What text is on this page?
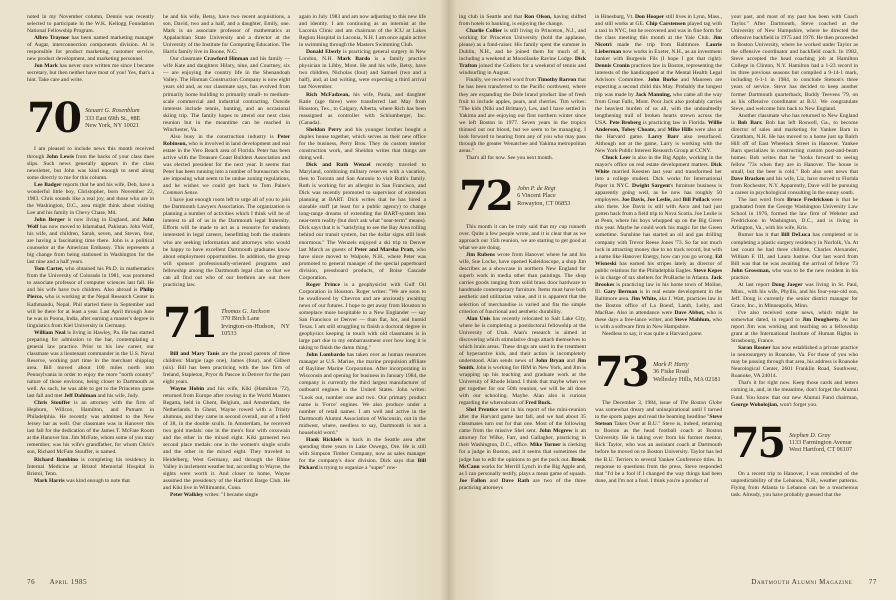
noted in my November column, Dennis was recently selected to participate in the W.K. Kellogg Foundation National Fellowship Program.

Albro Traynor has been named marketing manager of Augat, interconnection components division. Al is responsible for product marketing, customer service, new product development, and marketing personnel.

Jon Mark has never once written me since I became secretary, but then neither have most of you! Yes, that's a hint. Take care and write.

70 Steuart G. Rosenblum
333 East 69th St., #8E
New York, NY 10021

I am pleased to include news this month received through John Lewis from the backs of your class dues slips. Such news generally appears in the class newsletter, but John was kind enough to send along some directly to me for this column.

Lee Badger reports that he and his wife, Deb, have a wonderful little boy, Christopher, born November 22, 1983. Chris sounds like a real joy, and those who are in the Washington, D.C., area might think about visiting Lee and his family in Chevy Chase, Md.

John Berger is now living in England, and John Wolf has now moved to Islamabad, Pakistan. John Wolf, his wife, and children, Sarah, seven, and Steven, four, are having a fascinating time there. John is a political counselor at the American Embassy. This represents a big change from being stationed in Washington for the last nine and a half years.

Tom Carter, who obtained his Ph.D. in mathematics from the University of Colorado in 1981, was promoted to associate professor of computer sciences last fall. He and his wife have two children. Also abroad is Philip Pierce, who is working at the Nepal Research Center in Kathmandu, Nepal. Phil started there in September and will be there for at least a year. Last April through June he was in Poona, India, after earning a master's degree in linguistics from Kiel University in Germany.

William Neal is living in Hawley, Pa. He has started preparing for admission to the bar, contemplating a general law practice. Prior to his law career, our classmate was a lieutenant commander in the U.S. Naval Reserve, working part time in the merchant shipping area. Bill moved about 100 miles north into Pennsylvania in order to enjoy the more "north country" nature of those environs, being closer to Dartmouth as well. As such, he was able to get to the Princeton game last fall and met Jeff Dahlman and his wife, Judy.

Chris Stouffer is an attorney with the firm of Hepburn, Willcox, Hamilton, and Putnam in Philadelphia. He recently was admitted to the New Jersey bar as well. Our classmate was in Hanover this last fall for the dedication of the James T. McFate Room at the Hanover Inn. Jim McFate, whom some of you may remember, was his wife's grandfather, for whom Chris's son, Richard McFate Stouffer, is named.

Richard Bambino is completing his residency in Internal Medicine at Bristol Memorial Hospital in Bristol, Tenn.

Mark Harris was kind enough to note that

he and his wife, Betsy, have two recent acquisitions, a son, David, two and a half, and a daughter, Emily, one. Mark is an associate professor of mathematics at Appalachian State University and a director at the University of the Institute for Computing Education. The Harris family live in Boone, N.C.

Our classmate Crawford Hinman and his family — wife Kate and daughters Hilary, nine, and Courtney, six — are enjoying the country life in the Shenandoah Valley. The Hinman Construction Company is now eight years old and, as our classmate says, has evolved from primarily home building to primarily small- to medium-scale commercial and industrial contracting. Outside interests include tennis, hunting, and an occasional skiing trip. The family hopes to attend our next class reunion but in the meantime can be reached in Winchester, Va.

Also busy in the construction industry is Peter Robinson, who is involved in land development and real estate in the Vero Beach area of Florida. Peter has been active with the Treasure Coast Builders Association and was elected president for the next year. It seems that Peter has been running into a number of bureaucrats who are imposing what seem to be undue zoning regulations, and he wishes we could get back to Tom Paine's Common Sense.

I have just enough room left to urge all of you to join the Dartmouth Lawyers Association. The organization is planning a number of activities which I think will be of interest to all of us in the Dartmouth legal fraternity. Efforts will be made to act as a resource for students interested in legal careers, benefitting both the students who are seeking information and attorneys who would be happy to have excellent Dartmouth graduates know about employment opportunities. In addition, the group will sponsor professionally-oriented programs and fellowship among the Dartmouth legal clan so that we can all find out who of our brethren are out there practicing law.

71 Thomas G. Jackson
370 Birch Lane
Irvington-on-Hudson, NY 10533

Bill and Mary Tanis are the proud parents of three children: Margie (age one), James (four), and Gilbert (six). Bill has been practicing with the law firm of Ireland, Stapleton, Pryor & Pascoe in Denver for the past eight years.

Wayne Hobin and his wife, Kiki (Hamilton '72), returned from Europe after rowing in the World Masters Regatta, held in Ghent, Belgium, and Amsterdam, the Netherlands. In Ghent, Wayne rowed with a Trinity alumnus, and they came in second overall, out of a field of 38, in the double sculls. In Amsterdam, he received two gold medals: one in the men's four with coxswain and the other in the mixed eight. Kiki garnered two second place medals: one in the women's single sculls and the other in the mixed eight. They traveled to Heidelberg, West Germany, and through the Rhine Valley in inclement weather but, according to Wayne, the sights were worth it. And closer to home, Wayne assumed the presidency of the Hartford Barge Club. He and Kiki live in Willimantic, Conn.

Peter Walkley writes: "I became single

again in July 1983 and am now adjusting to this new life and identity. I am continuing as an internist at the Laconia Clinic and am chairman of the ICU at Lakes Region Hospital in Laconia, N.H. I am once again active in swimming through the Masters Swimming Club.

Donald Eberly is practicing general surgery in New London, N.H. Mark Bardo is a family practice physician in Libby, Mont. He and his wife, Betsy, have two children, Nicholas (four) and Samuel (two and a half), and, at last writing, were expecting a third arrival last November.

Rich McFadzean, his wife, Paula, and daughter Katie (age three) were transferred last May from Houston, Tex., to Calgary, Alberta, where Rich has been reassigned as controller with Schlumberger, Inc. (Canada).

Sheldon Perry and his younger brother bought a duplex house together, which serves as their new office for the business, Perry Bros. They do custom interior construction work, and Sheldon writes that things are doing well.

Dick and Ruth Wenzel recently traveled to Maryland, combining military reserves with a vacation, then to Toronto and San Antonio to visit Ruth's family. Ruth is working for an allergist in San Francisco, and Dick was recently promoted to supervisor of extension planning at BART. Dick writes that he has hired a sizeable staff (at least for a public agency) to change long-range dreams of extending the BART-system into near-term reality (but don't ask what "near-term" means). Dick says that it is "satisfying to see the Bay Area rolling behind our transit system, but the dollar signs still look enormous." The Wenzels enjoyed a ski trip to Denver last March as guests of Peter and Marsha Pratt, who have since moved to Walpole, N.H., where Peter was promoted to general manager of the special paperboard division, pressboard products, of Boise Cascade Corporation.

Roger Prince is a geophysicist with Gulf Oil Corporation in Houston. Roger writes: "We are soon to be swallowed by Chevron and are anxiously awaiting news of our futures. I hope to get away from Houston to someplace more hospitable to a New Englander — say San Francisco or Denver — than flat, hot, and humid Texas. I am still struggling to finish a doctoral degree in geophysics keeping in touch with old classmates is in large part due to my embarrassment over how long it is taking to finish the damn thing."

John Lombardo has taken over as human resources manager at U.S. Marine, the marine propulsion affiliate of Bayliner Marine Corporation. After incorporating in Wisconsin and opening for business in January 1984, the company is currently the third largest manufacturer of outboard engines in the United States. John writes: "Look out, number one and two. Our primary product name is 'Force' engines. We also produce under a number of retail names. I am well and active in the Dartmouth Alumni Association of Wisconsin, out in the midwest, where, needless to say, Dartmouth is not a household word."

Hank Ricklefs is back in the Seattle area after spending three years in Lake Oswego, Ore. He is still with Simpson Timber Company, now as sales manager for the company's door division. Dick says that Bill Pickard is trying to organize a "super" row-

76 April 1985

ing club in Seattle and that Ron Olson, having shifted from hotels to banking, is enjoying the change.

Charlie Collier is still living in Princeton, N.J., and working for Princeton University (hold the applause, please) as a fund-raiser. His family spent the summer in Dublin, N.H., and he joined them for much of it, including a weekend at Moosilauke Ravine Lodge. Dick Trafton joined the Colliers for a weekend of tennis and windsurfing in August.

Finally, we received word from Timothy Barron that he has been transferred to the Pacific northwest, where they are expanding the Dole brand product line of fresh fruit to include apples, pears, and cherries. Tim writes: "The kids (Niki and Brittany), Les, and I have settled in Yakima and are enjoying our first northern winter since we left Boston in 1977. Seven years in the tropics thinned out our blood, but we seem to be managing. I look forward to hearing from any of you who may pass through the greater Wenatchee and Yakima metropolitan areas."

That's all for now. See you next month.

72 John P. de Regt
6 Vincent Place
Rowayton, CT 06853

This month it can be truly said that my cup runneth over. Quite a few people wrote, and it is clear that as we approach our 15th reunion, we are starting to get good at what we are doing.

Jim Rubens wrote from Hanover where he and his wife, Sue Locke, have opened Kaleidoscope, a shop Jim describes as a showcase in northern New England for superb work in media other than paintings. The shop carries goods ranging from solid brass door hardware to handmade contemporary furniture. Items must have both aesthetic and utilitarian value, and it is apparent that the selection of merchandise is varied and fits the simple criterion of functional and aesthetic durability.

Alan Unis has recently relocated to Salt Lake City, where he is completing a postdoctoral fellowship at the University of Utah. Alan's research is aimed at discovering which stimulative drugs attach themselves to which brain areas. These drugs are used in the treatment of hyperactive kids, and their action is incompletely understood. Alan sends news of John Bryan and Jim Smith. John is working for IBM in New York, and Jim is wrapping up his teaching and graduate work at the University of Rhode Island. I think that maybe when we get together for our 50th reunion, we will be all done with our schooling. Maybe. Alan also is curious regarding the whereabouts of Fred Buck.

Shel Prentice sent in his report of the mini-reunion after the Harvard game last fall, and we had about 35 classmates turn out for that one. Most of the following came from the missive Shel sent. John Mcgrew is an attorney for Wilke, Farr, and Gallagher, practicing in their Washington, D.C., office. Mike Turner is clerking for a judge in Boston, and it seems that sometimes the judge has to edit the opinions to get the puck out. Brook McCann works for Merrill Lynch in the Big Apple and, as I can personally testify, plays a mean game of squash. Joe Fallon and Dave Rath are two of the three practicing attorneys

in Hinesburg, Vt. Don Hooper still lives in Lynn, Mass., and still works at GE. Chip Carstensen played tag with a taxi in NYC, but he recovered and was in fine form for the class meeting this month at the Yale Club. Jim Nicotri made the trip from Baltimore. Laurie Lieberman now works in Exeter, N.H., as an investment banker with Burgeois Fils (I hope I got that right). Dennis Cronin practices law in Boston, representing the interests of the handicapped at the Mental Health Legal Advisors Committee. John Burke and Maureen are expecting a second child this May. Probably the longest trip was made by Jack Manning, who came all the way from Great Falls, Mont. Poor Jack also probably carries the heaviest burden of us all, with the undoubtedly lengthening trail of broken hearts strewn across the USA. Pete Broberg is practicing law in Florida. Willie Anderson, Tobey Choate, and Mike Hills were also at the Harvard game. Larry Barr also resurfaced. Although not at the game, Larry is working with the New York Public Interest Research Group at CCNY.

Chuck Leer is also in the Big Apple, working in the mayor's office on real estate development matters. Dick White married Keesten last year and transformed her into a college student. Dick works for International Paper in NYC. Dwight Sargent's furniture business is apparently going well, as he now has roughly 50 employees. Joe Davis, Joe Leslie, and Bill Pollack were also there. Joe Davis is still with Arco and had just gotten back from a field trip to Nova Scotia. Joe Leslie is at Penn, where his boys whupped up on the Big Green this year. Maybe he could work his magic for the Green sometime. Sunshine has started an oil and gas drilling company with Trevor Reese Jones '73. So far not much luck in attracting money due to no track record, but with a name like Hanover Energy, how can you go wrong. Ed Wisneski has earned his stripes lately as director of public relations for the Philadelphia Eagles. Steve Kepes is in charge of tax shelters for PruBache in Atlanta. Jack Brookes is practicing law in his home town of Moline, Ill. Gary Berman is in real estate development in the Baltimore area. Jim White, aka J. Watt, practices law in the Boston office of La Boeuf, Lamb, Leiby, and MacRae. Also in attendance were Dave Abbot, who is these days a free-lance writer, and Steve Mahlum, who is with a software firm in New Hampshire.

Needless to say, it was quite a Harvard game.

73 Mark P. Harty
36 Fiske Road
Wellesley Hills, MA 02181

The December 3, 1984, issue of The Boston Globe was somewhat dreary and uninspirational until I turned to the sports pages and read the beaming headline "Steve Stetson Takes Over at B.U." Steve is, indeed, returning to Boston as the head football coach at Boston University. He is taking over from his former mentor, Rick Taylor, who was an assistant coach at Dartmouth before he moved on to Boston University. Taylor has led the B.U. Terriers to several Yankee Conference titles. In response to questions from the press, Steve responded that "I'd be a fool if I changed the way things had been done, and I'm not a fool. I think you're a product of

your past, and most of my past has been with Coach Taylor." After Dartmouth, Steve coached at the University of New Hampshire, where he directed the offensive backfield in 1975 and 1976. He then proceeded to Boston University, where he worked under Taylor as the offensive coordinator and backfield coach. In 1982, Steve accepted the head coaching job at Hamilton College in Clinton, N.Y. Hamilton had a 1-23 record in its three previous seasons but compiled a 9-14-1 mark, including 6-1-1 in 1984, to conclude Stetson's three years of service. Steve has decided to keep another former Dartmouth quarterback, Buddy Teevens '79, on as his offensive coordinator at B.U. We congratulate Steve, and welcome him back to New England.

Another classmate who has returned to New England is Bob Barr. Bob has left Roswell, Ga., to become director of sales and marketing for Yankee Barn in Grantham, N.H. He has moved to a home just up Balch Hill off of East Wheelock Street in Hanover. Yankee Barn specializes in constructing custom post-and-beam homes. Bob writes that he "looks forward to seeing fellow '73s when they are in Hanover. The house is small, but the beer is cold." Bob also sent news that Dave Bracken and his wife, Liz, have moved to Florida from Rochester, N.Y. Apparently, Dave will be pursuing a career in psychological consulting in the sunny south.

The last word from Bruce Fredrickson is that he graduated from the George Washington University Law School in 1976, formed the law firm of Webster and Fredrickson in Washington, D.C., and is living in Arlington, Va., with his wife, Kris.

Rumor has it that Bill DeLuca has completed or is completing a plastic surgery residency in Norfolk, Va. At last count he had three children, Charles Alexander, William F. III, and Laura Justine. Our last word from Bill was that he was awaiting the arrival of fellow '73 John Grossman, who was to be the new resident in his practice.

At last report Doug Jaeger was living in St. Paul, Minn., with his wife, Phyllis, and his four-year-old son, Jeff. Doug is currently the senior district manager for Graco, Inc., in Minneapolis, Minn.

I've also received some news, which might be somewhat dated, in regard to Jim Dougherty. At last report Jim was working and teaching on a fellowship grant at the International Institute of Human Rights in Strasbourg, France.

Saran Rosner has now established a private practice in neurosurgery in Roanoke, Va. For those of you who may be passing through that area, his address is Roanoke Neurological Center, 2601 Franklin Road, Southwest, Roanoke, VA 24014.

That's it for right now. Keep those cards and letters coming in, and, in the meantime, don't forget the Alumni Fund. You know that our new Alumni Fund chairman, George Woholojian, won't forget you.

75 Stephen D. Gray
1133 Farmington Avenue
West Hartford, CT 06107

On a recent trip to Hanover, I was reminded of the unpredictability of the Lebanon, N.H., weather patterns. Flying from Atlanta to Lebanon can be a treacherous task. Already, you have probably guessed that the

Dartmouth Alumni Magazine 77
